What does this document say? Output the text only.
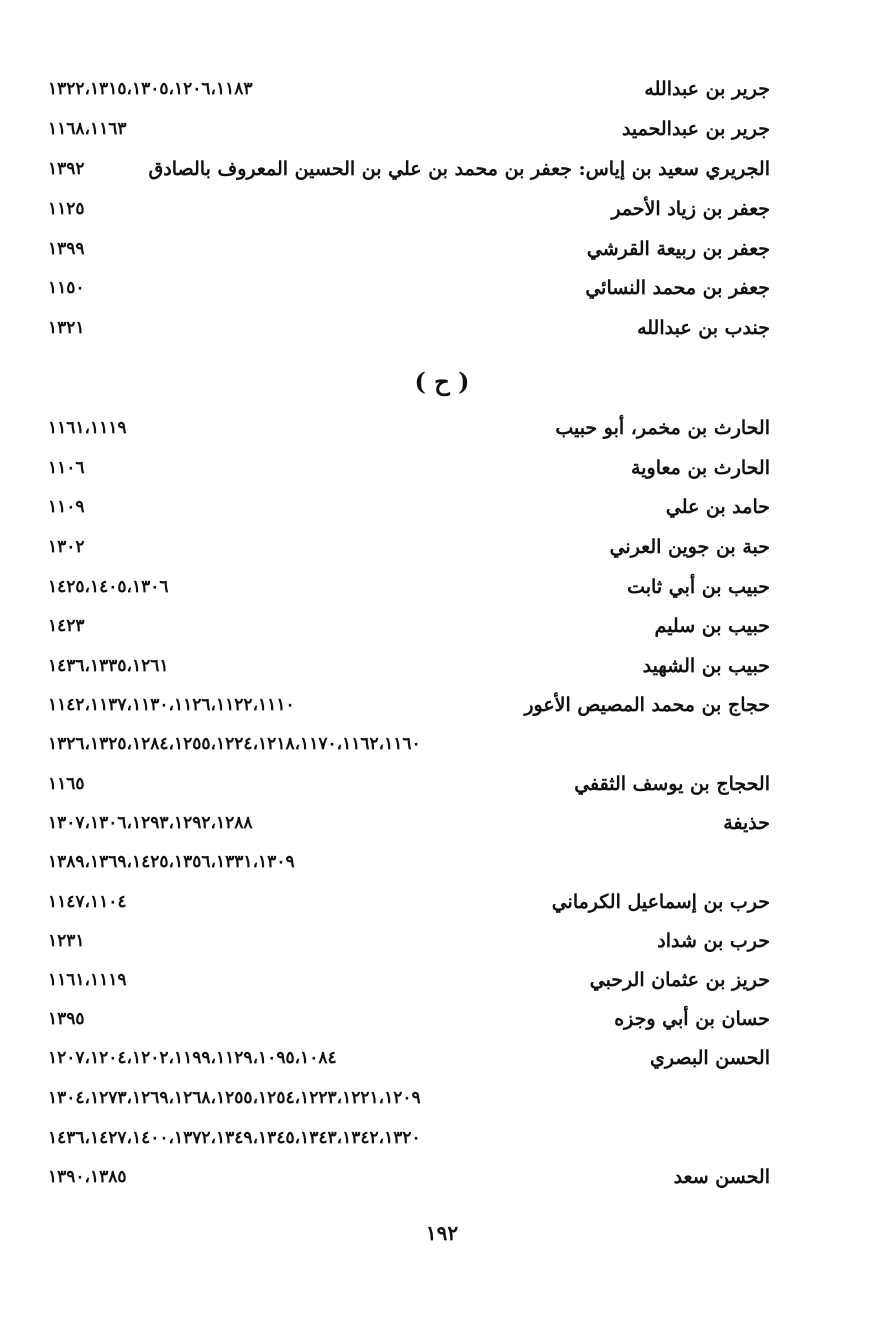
جرير بن عبدالله
١٣٢٢،١٣١٥،١٣٠٥،١٢٠٦،١١٨٣
جرير بن عبدالحميد
١١٦٨،١١٦٣
الجريري سعيد بن إياس: جعفر بن محمد بن علي بن الحسين المعروف بالصادق
١٣٩٢
جعفر بن زياد الأحمر
١١٢٥
جعفر بن ربيعة القرشي
١٣٩٩
جعفر بن محمد النسائي
١١٥٠
جندب بن عبدالله
١٣٢١
( ح )
الحارث بن مخمر، أبو حبيب
١١٦١،١١١٩
الحارث بن معاوية
١١٠٦
حامد بن علي
١١٠٩
حبة بن جوين العرني
١٣٠٢
حبيب بن أبي ثابت
١٤٢٥،١٤٠٥،١٣٠٦
حبيب بن سليم
١٤٢٣
حبيب بن الشهيد
١٤٣٦،١٣٣٥،١٢٦١
حجاج بن محمد المصيص الأعور
١١٤٢،١١٣٧،١١٣٠،١١٢٦،١١٢٢،١١١٠
١٣٢٦،١٣٢٥،١٢٨٤،١٢٥٥،١٢٢٤،١٢١٨،١١٧٠،١١٦٢،١١٦٠
الحجاج بن يوسف الثقفي
١١٦٥
حذيفة
١٣٠٧،١٣٠٦،١٢٩٣،١٢٩٢،١٢٨٨
١٣٨٩،١٣٦٩،١٤٢٥،١٣٥٦،١٣٣١،١٣٠٩
حرب بن إسماعيل الكرماني
١١٤٧،١١٠٤
حرب بن شداد
١٢٣١
حريز بن عثمان الرحبي
١١٦١،١١١٩
حسان بن أبي وجزه
١٣٩٥
الحسن البصري
١٢٠٧،١٢٠٤،١٢٠٢،١١٩٩،١١٢٩،١٠٩٥،١٠٨٤
١٣٠٤،١٢٧٣،١٢٦٩،١٢٦٨،١٢٥٥،١٢٥٤،١٢٢٣،١٢٢١،١٢٠٩
١٤٣٦،١٤٢٧،١٤٠٠،١٣٧٢،١٣٤٩،١٣٤٥،١٣٤٣،١٣٤٢،١٣٢٠
الحسن سعد
١٣٩٠،١٣٨٥
١٩٢
